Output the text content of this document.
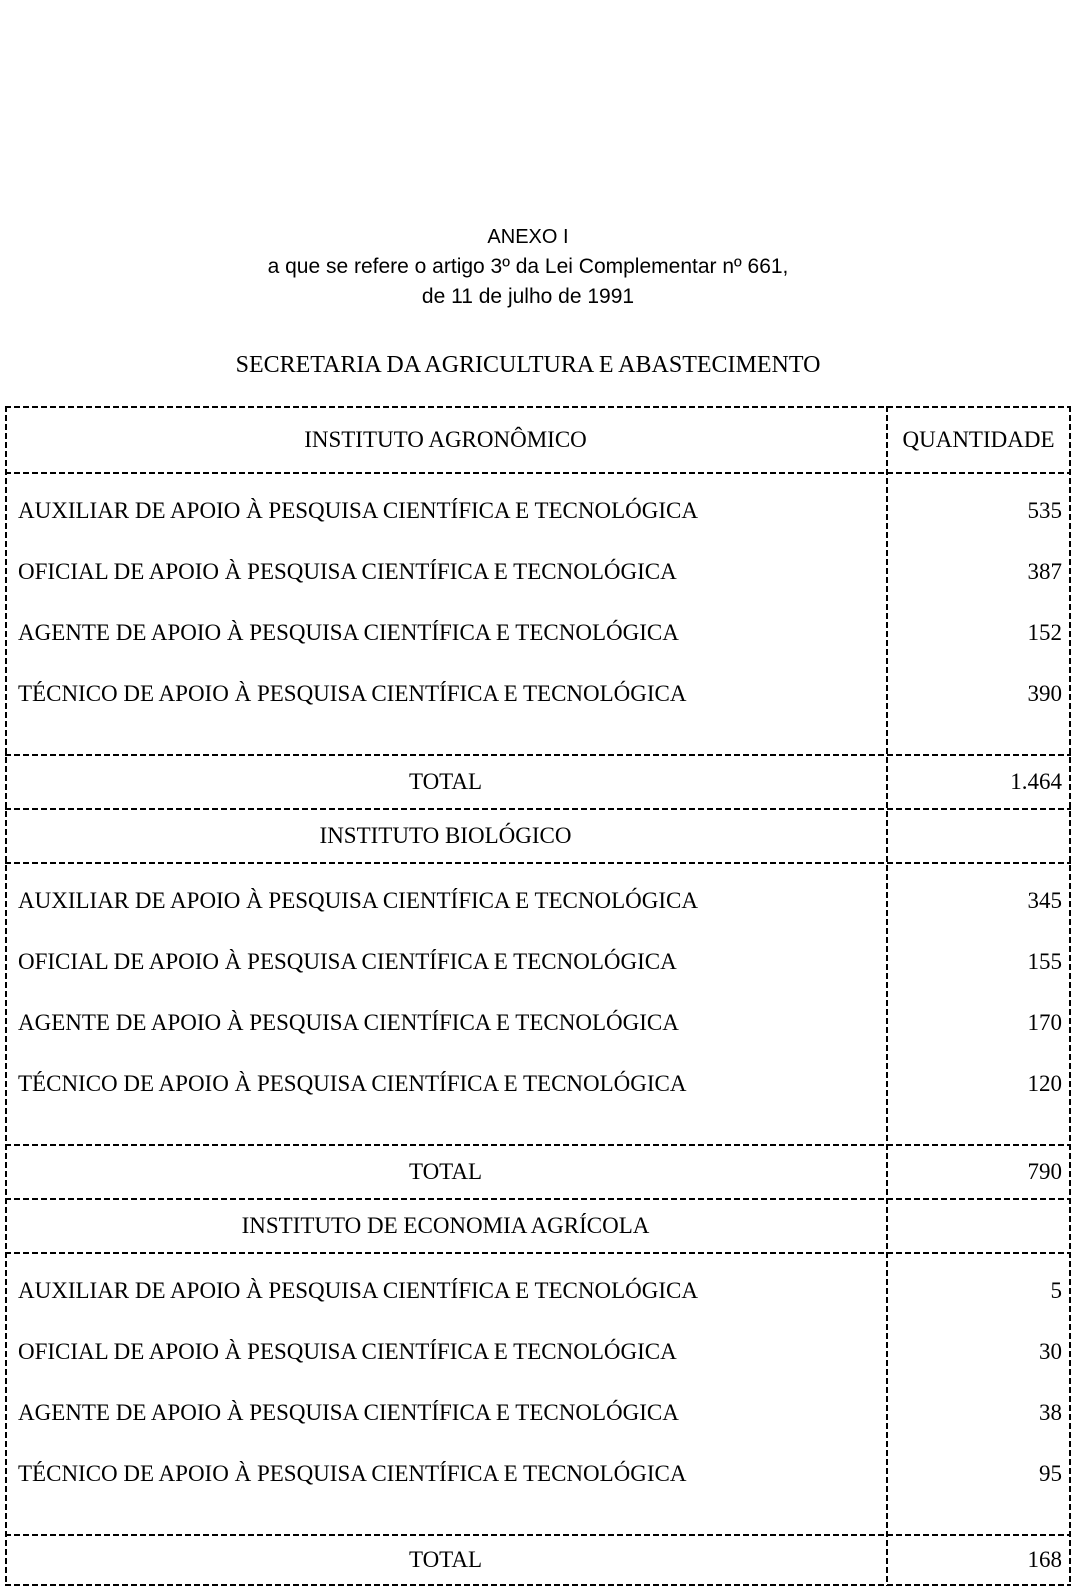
ANEXO I
a que se refere o artigo 3º da Lei Complementar nº 661,
de 11 de julho de 1991
SECRETARIA DA AGRICULTURA E ABASTECIMENTO
INSTITUTO AGRONÔMICO	QUANTIDADE
AUXILIAR DE APOIO À PESQUISA CIENTÍFICA E TECNOLÓGICA	535
OFICIAL DE APOIO À PESQUISA CIENTÍFICA E TECNOLÓGICA	387
AGENTE DE APOIO À PESQUISA CIENTÍFICA E TECNOLÓGICA	152
TÉCNICO DE APOIO À PESQUISA CIENTÍFICA E TECNOLÓGICA	390
TOTAL	1.464
INSTITUTO BIOLÓGICO
AUXILIAR DE APOIO À PESQUISA CIENTÍFICA E TECNOLÓGICA	345
OFICIAL DE APOIO À PESQUISA CIENTÍFICA E TECNOLÓGICA	155
AGENTE DE APOIO À PESQUISA CIENTÍFICA E TECNOLÓGICA	170
TÉCNICO DE APOIO À PESQUISA CIENTÍFICA E TECNOLÓGICA	120
TOTAL	790
INSTITUTO DE ECONOMIA AGRÍCOLA
AUXILIAR DE APOIO À PESQUISA CIENTÍFICA E TECNOLÓGICA	5
OFICIAL DE APOIO À PESQUISA CIENTÍFICA E TECNOLÓGICA	30
AGENTE DE APOIO À PESQUISA CIENTÍFICA E TECNOLÓGICA	38
TÉCNICO DE APOIO À PESQUISA CIENTÍFICA E TECNOLÓGICA	95
TOTAL	168
